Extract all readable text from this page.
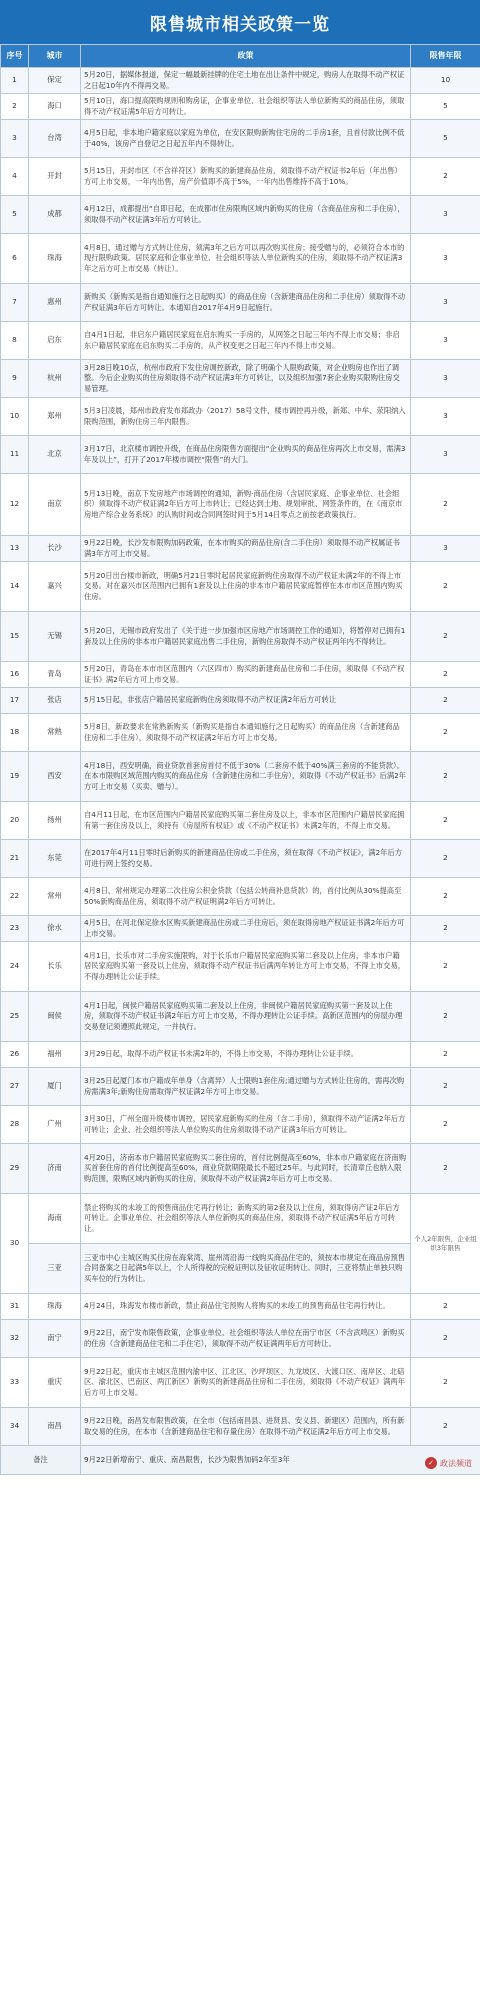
限售城市相关政策一览
序号	城市	政策	限售年限
1	保定	5月20日，据媒体报道，保定一幅最新挂牌的住宅土地在出让条件中规定，购房人在取得不动产权证之日起10年内不得再交易。	10
2	海口	5月10日，海口提高限购规则和购房证，企事业单位、社会组织等法人单位新购买的商品住房，须取得不动产权证满5年后方可转让。	5
3	台湾	4月5日起，非本地户籍家庭以家庭为单位，在安区限购新购住宅房的二手房1套，且首付款比例不低于40%，该房产自登记之日起五年内不得转让。	5
4	开封	5月15日，开封市区（不含祥符区）新购买的新建商品住房，须取得不动产权证书2年后（年出售）方可上市交易，一年内出售，房产价值即不高于5%，一年内出售维持不高于10%。	2
5	成都	4月12日，成都提出“自即日起，在成都市住房限购区域内新购买的住房（含商品住房和二手住房），须取得不动产权证满3年后方可转让。	3
6	珠海	4月8日，通过赠与方式转让住房，须满3年之后方可以再次购买住房；接受赠与的，必须符合本市的现行限购政策。居民家庭和企事业单位、社会组织等法人单位新购买的住房，须取得不动产权证满3年之后方可上市交易（转让）。	3
7	惠州	新购买（新购买是指自通知施行之日起购买）的商品住房（含新建商品住房和二手住房）须取得不动产权证满3年后方可转让。本通知自2017年4月9日起施行。	3
8	启东	自4月1日起，非启东户籍居民家庭在启东购买一手房的，从网签之日起三年内不得上市交易；非启东户籍居民家庭在启东购买二手房的，从产权变更之日起三年内不得上市交易。	3
9	杭州	3月28日晚10点，杭州市政府下发住房调控新政，除了明确个人限购政策，对企业购房也作出了调整。今后企业购买的住房须取得不动产权证满3年方可转让，以及组织加强7套企业购买限购住房交易管理。	3
10	郑州	5月3日凌晨，郑州市政府发布郑政办（2017）58号文件，楼市调控再升级，新郑、中牟、荥阳纳入限购范围，新购住房三年内限售。	3
11	北京	3月17日，北京楼市调控升级，在商品住房限售方面提出“企业购买的商品住房再次上市交易，需满3年及以上”，打开了2017年楼市调控“限售”的大门。	3
12	南京	5月13日晚，南京下发房地产市场调控的通知，新购·商品住房（含居民家庭、企事业单位、社会组织）须取得不动产权证满2年后方可上市转让；已经达到土地、规划审批、网签条件的，在《南京市房地产综合业务系统》的认购时间或合同网签时间于5月14日零点之前按老政策执行。	2
13	长沙	9月22日晚，长沙发布限购加码政策，在本市购买的商品住房(含二手住房）须取得不动产权属证书满3年方可上市交易。	3
14	嘉兴	5月20日出台楼市新政，明确5月21日零时起居民家庭新购住房取得不动产权证未满2年的不得上市交易。对在嘉兴市区范围内已拥有1套及以上住房的非本市户籍居民家庭暂停在本市市区范围内购买住房。	2
15	无锡	5月20日，无锡市政府发出了《关于进一步加强市区房地产市场调控工作的通知》，将暂停对已拥有1套及以上住房的非本市户籍居民家庭出售二手住房，新购住房取得不动产权证两年内不得转让。	2
16	青岛	5月20日，青岛在本市市区范围内（六区四市）购买的新建商品住房和二手住房，须取得《不动产权证书》满2年后方可上市交易。	2
17	张店	5月15日起，非张店户籍居民家庭新购住房须取得不动产权证满2年后方可转让	2
18	常熟	5月8日，新政要求在常熟新购买（新购买是指自本通知施行之日起购买）的商品住房（含新建商品住房和二手住房），须取得不动产权证满2年后方可上市交易。	2
19	西安	4月18日，西安明确，商业贷款首套房首付不低于30%（二套房不低于40%满三套房的不能贷款）。在本市限购区域范围内购买的商品住房（含新建住房和二手住房），须取得《不动产权证书》后满2年方可上市交易（买卖、赠与）。	2
20	扬州	自4月11日起，在市区范围内户籍居民家庭购买第二套住房及以上，非本市区范围内户籍居民家庭拥有第一套住房及以上，须持有《房屋所有权证》或《不动产权证书》未满2年的，不得上市交易。	2
21	东莞	在2017年4月11日零时后新购买的新建商品住房或二手住房，须在取得《不动产权证》，满2年后方可进行网上签约交易。	2
22	常州	4月8日，常州规定办理第二次住房公积金贷款（包括公转商补息贷款）的，首付比例从30%提高至50%新购商品住房，须取得不动产权证明满2年后方可转让。	2
23	徐水	4月5日，在河北保定徐水区购买新建商品住房或二手住房后，须在取得房地产权证证书满2年后方可上市交易。	2
24	长乐	4月1日，长乐市对二手房实施限购，对于长乐市户籍居民家庭购买第二套及以上住房，非本市户籍居民家庭购买第一套及以上住房，须取得不动产权证书后满两年转让方可上市交易，不得上市交易，不得办理转让公证手续。	2
25	闽侯	4月1日起，闽侯户籍居民家庭购买第二套及以上住房，非闽侯户籍居民家庭购买第一套及以上住房，须取得不动产权证书满2年后方可上市交易，不得办理转让公证手续。高新区范围内的房屋办理交易登记须遵照此规定，一并执行。	2
26	福州	3月29日起，取得不动产权证书未满2年的，不得上市交易，不得办理转让公证手续。	2
27	厦门	3月25日起厦门本市户籍成年单身（含离异）人士限购1套住房;通过赠与方式转让住房的，需再次购房需满3年;新购住房需取得产权证满2年方可上市交易。	2
28	广州	3月30日，广州全面升级楼市调控，居民家庭新购买的住房（含二手房），须取得不动产证满2年后方可转让；企业、社会组织等法人单位购买的住房须取得不动产证满3年后方可转让。	2
29	济南	4月20日，济南本市户籍居民家庭购买二套住房的，首付比例提高至60%，非本市户籍家庭在济南购买首套住房的首付比例提高至60%，商业贷款期限最长不超过25年。与此同时，长清章丘也纳入限购范围，限购区域内新购买的住房，须取得不动产权证满2年后方可上市交易。	2
30	海南	禁止将购买的未竣工的预售商品住宅再行转让；新购买的第2套及以上住房，须取得房产证2年后方可转让。企事业单位、社会组织等法人单位新购买的商品住房，须取得不动产权证满5年后方可转让。	个人2年限售，企业组织3年限售

	三亚	三亚市中心主城区购买住房在海棠湾、崖州湾沿海一线购买商品住宅的，须按本市规定在商品房预售合同备案之日起满5年以上，个人所得税的完税证明以及征收证明转让。同时，三亚将禁止单独只购买车位的行为转让。	
31	珠海	4月24日，珠海发布楼市新政，禁止商品住宅预购人将购买的未竣工的预售商品住宅再行转让。	2
32	南宁	9月22日，南宁发布限售政策，企事业单位、社会组织等法人单位在南宁市区（不含武鸣区）新购买的住房（含新建商品住宅和二手住宅），须取得不动产权证满两年后方可转让。	2
33	重庆	9月22日起，重庆市主城区范围内渝中区、江北区、沙坪坝区、九龙坡区、大渡口区、南岸区、北碚区、渝北区、巴南区、两江新区）新购买的新建商品住房和二手住房，须取得《不动产权证》满两年后方可上市交易。	2
34	南昌	9月22日晚，南昌发布限售政策，在全市（包括南昌县、进贤县、安义县、新建区）范围内，所有新取交易的住房，在本市（含新建商品住宅和存量住房）在取得不动产权证满2年后方可上市交易。	2
备注		9月22日新增南宁、重庆、南昌限售，长沙为限售加码2年至3年		✓ 政法频道
